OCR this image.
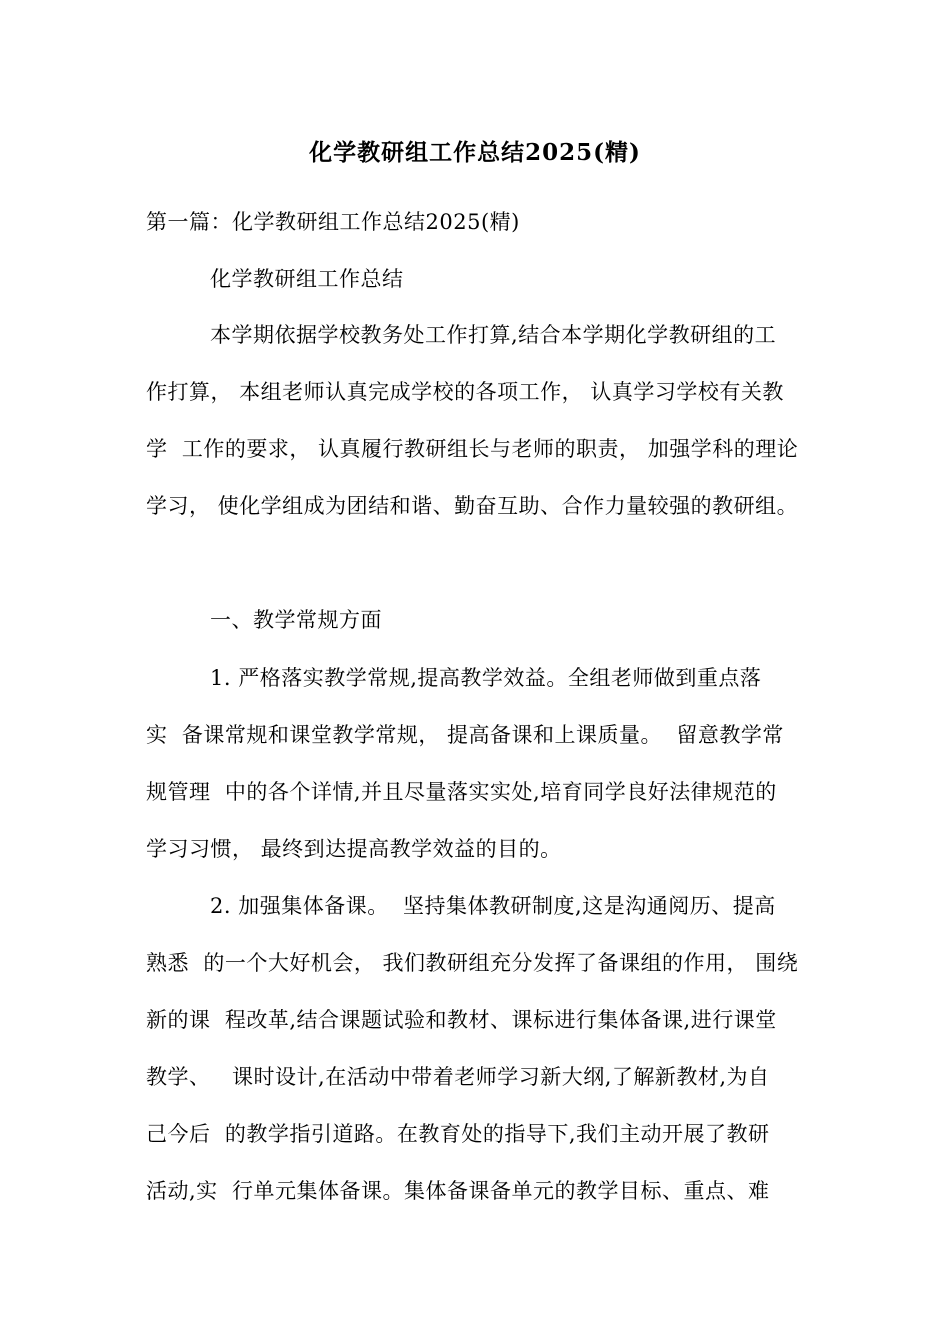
化学教研组工作总结2025(精)
第一篇：化学教研组工作总结2025(精)
化学教研组工作总结
本学期依据学校教务处工作打算,结合本学期化学教研组的工
作打算， 本组老师认真完成学校的各项工作， 认真学习学校有关教
学  工作的要求， 认真履行教研组长与老师的职责， 加强学科的理论
学习， 使化学组成为团结和谐、勤奋互助、合作力量较强的教研组。
一、教学常规方面
1. 严格落实教学常规,提高教学效益。全组老师做到重点落
实  备课常规和课堂教学常规， 提高备课和上课质量。  留意教学常
规管理  中的各个详情,并且尽量落实实处,培育同学良好法律规范的
学习习惯， 最终到达提高教学效益的目的。
2. 加强集体备课。  坚持集体教研制度,这是沟通阅历、提高
熟悉  的一个大好机会， 我们教研组充分发挥了备课组的作用， 围绕
新的课  程改革,结合课题试验和教材、课标进行集体备课,进行课堂
教学、   课时设计,在活动中带着老师学习新大纲,了解新教材,为自
己今后  的教学指引道路。在教育处的指导下,我们主动开展了教研
活动,实  行单元集体备课。集体备课备单元的教学目标、重点、难
